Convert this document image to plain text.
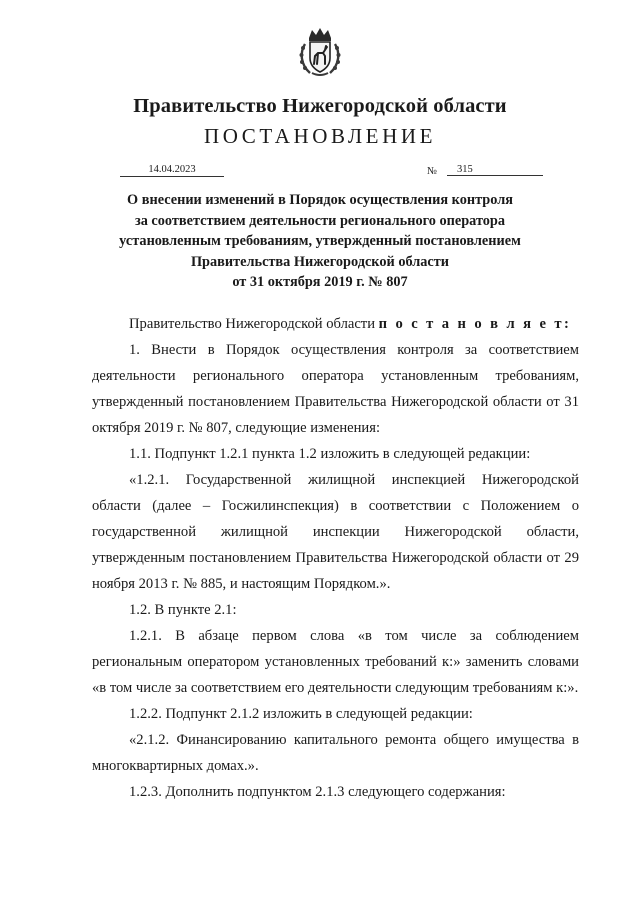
Правительство Нижегородской области
ПОСТАНОВЛЕНИЕ
14.04.2023	№	315
О внесении изменений в Порядок осуществления контроля
за соответствием деятельности регионального оператора
установленным требованиям, утвержденный постановлением
Правительства Нижегородской области
от 31 октября 2019 г. № 807

Правительство Нижегородской области п о с т а н о в л я е т:

1. Внести в Порядок осуществления контроля за соответствием деятельности регионального оператора установленным требованиям, утвержденный постановлением Правительства Нижегородской области от 31 октября 2019 г. № 807, следующие изменения:

1.1. Подпункт 1.2.1 пункта 1.2 изложить в следующей редакции:

«1.2.1. Государственной жилищной инспекцией Нижегородской области (далее – Госжилинспекция) в соответствии с Положением о государственной жилищной инспекции Нижегородской области, утвержденным постановлением Правительства Нижегородской области от 29 ноября 2013 г. № 885, и настоящим Порядком.».

1.2. В пункте 2.1:

1.2.1. В абзаце первом слова «в том числе за соблюдением региональным оператором установленных требований к:» заменить словами «в том числе за соответствием его деятельности следующим требованиям к:».

1.2.2. Подпункт 2.1.2 изложить в следующей редакции:

«2.1.2. Финансированию капитального ремонта общего имущества в многоквартирных домах.».

1.2.3. Дополнить подпунктом 2.1.3 следующего содержания:
